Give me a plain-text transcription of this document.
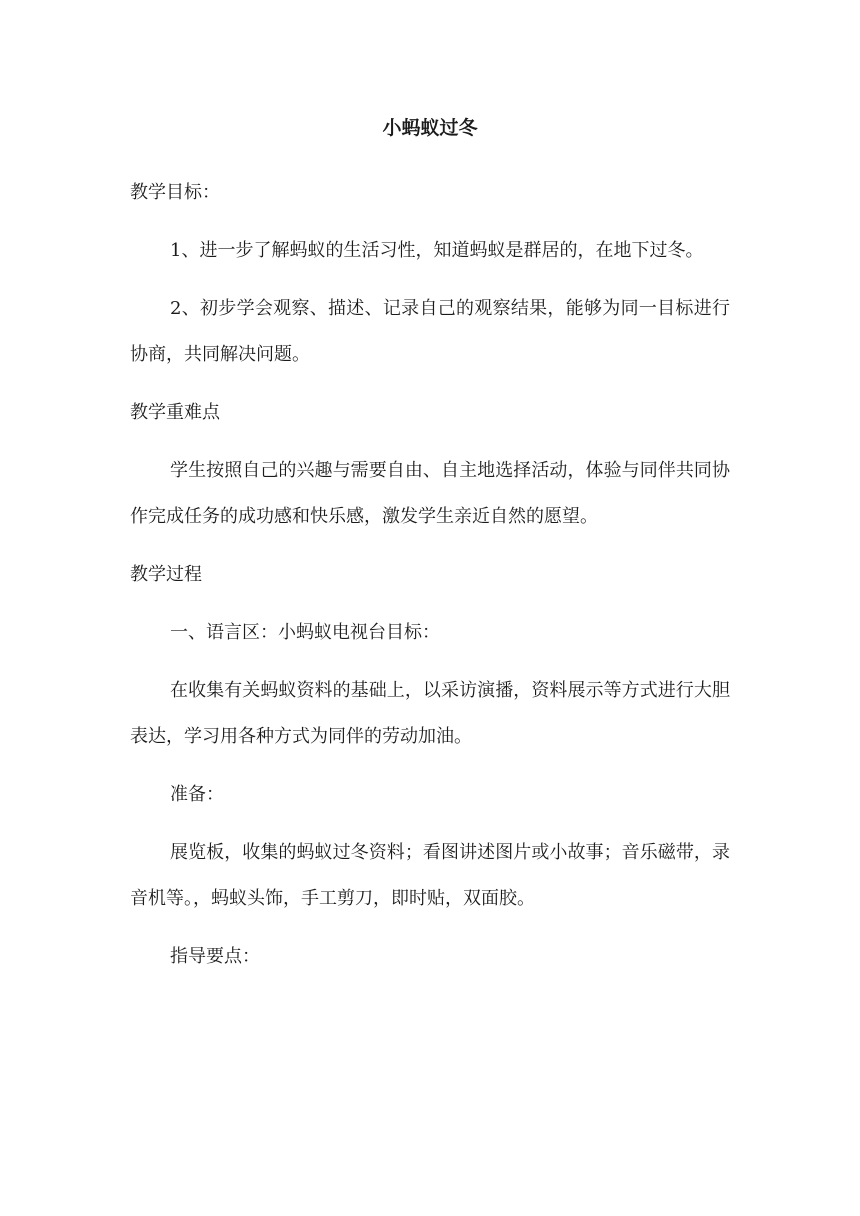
小蚂蚁过冬

教学目标：

1、进一步了解蚂蚁的生活习性，知道蚂蚁是群居的，在地下过冬。

2、初步学会观察、描述、记录自己的观察结果，能够为同一目标进行协商，共同解决问题。

教学重难点

学生按照自己的兴趣与需要自由、自主地选择活动，体验与同伴共同协作完成任务的成功感和快乐感，激发学生亲近自然的愿望。

教学过程

一、语言区：小蚂蚁电视台目标：

在收集有关蚂蚁资料的基础上，以采访演播，资料展示等方式进行大胆表达，学习用各种方式为同伴的劳动加油。

准备：

展览板，收集的蚂蚁过冬资料；看图讲述图片或小故事；音乐磁带，录音机等。，蚂蚁头饰，手工剪刀，即时贴，双面胶。

指导要点：
